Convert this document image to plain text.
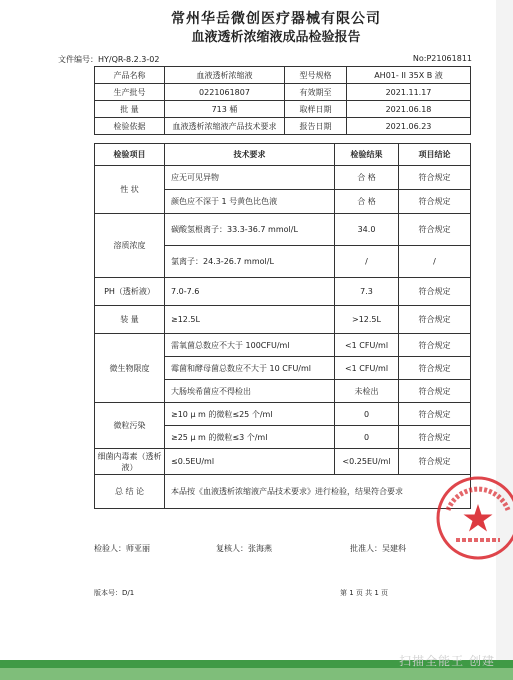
常州华岳微创医疗器械有限公司
血液透析浓缩液成品检验报告
文件编号：HY/QR-8.2.3-02	No:P21061811
产品名称	血液透析浓缩液	型号规格	AH01- II 35X B 液
生产批号	0221061807	有效期至	2021.11.17
批 量	713 桶	取样日期	2021.06.18
检验依据	血液透析浓缩液产品技术要求	报告日期	2021.06.23
检验项目	技术要求	检验结果	项目结论
性 状	应无可见异物	合 格	符合规定
	颜色应不深于 1 号黄色比色液	合 格	符合规定
溶质浓度	碳酸氢根离子：33.3-36.7 mmol/L	34.0	符合规定
	氯离子：24.3-26.7 mmol/L	/	/
PH（透析液）	7.0-7.6	7.3	符合规定
装 量	≥12.5L	>12.5L	符合规定
微生物限度	需氧菌总数应不大于 100CFU/ml	<1 CFU/ml	符合规定
	霉菌和酵母菌总数应不大于 10 CFU/ml	<1 CFU/ml	符合规定
	大肠埃希菌应不得检出	未检出	符合规定
微粒污染	≥10 μ m 的微粒≤25 个/ml	0	符合规定
	≥25 μ m 的微粒≤3 个/ml	0	符合规定
细菌内毒素（透析液）	≤0.5EU/ml	<0.25EU/ml	符合规定
总 结 论	本品按《血液透析浓缩液产品技术要求》进行检验，结果符合要求		
检验人：师亚丽	复核人：张海燕	批准人：吴建科
版本号：D/1	第 1 页 共 1 页
扫描全能王 创建
